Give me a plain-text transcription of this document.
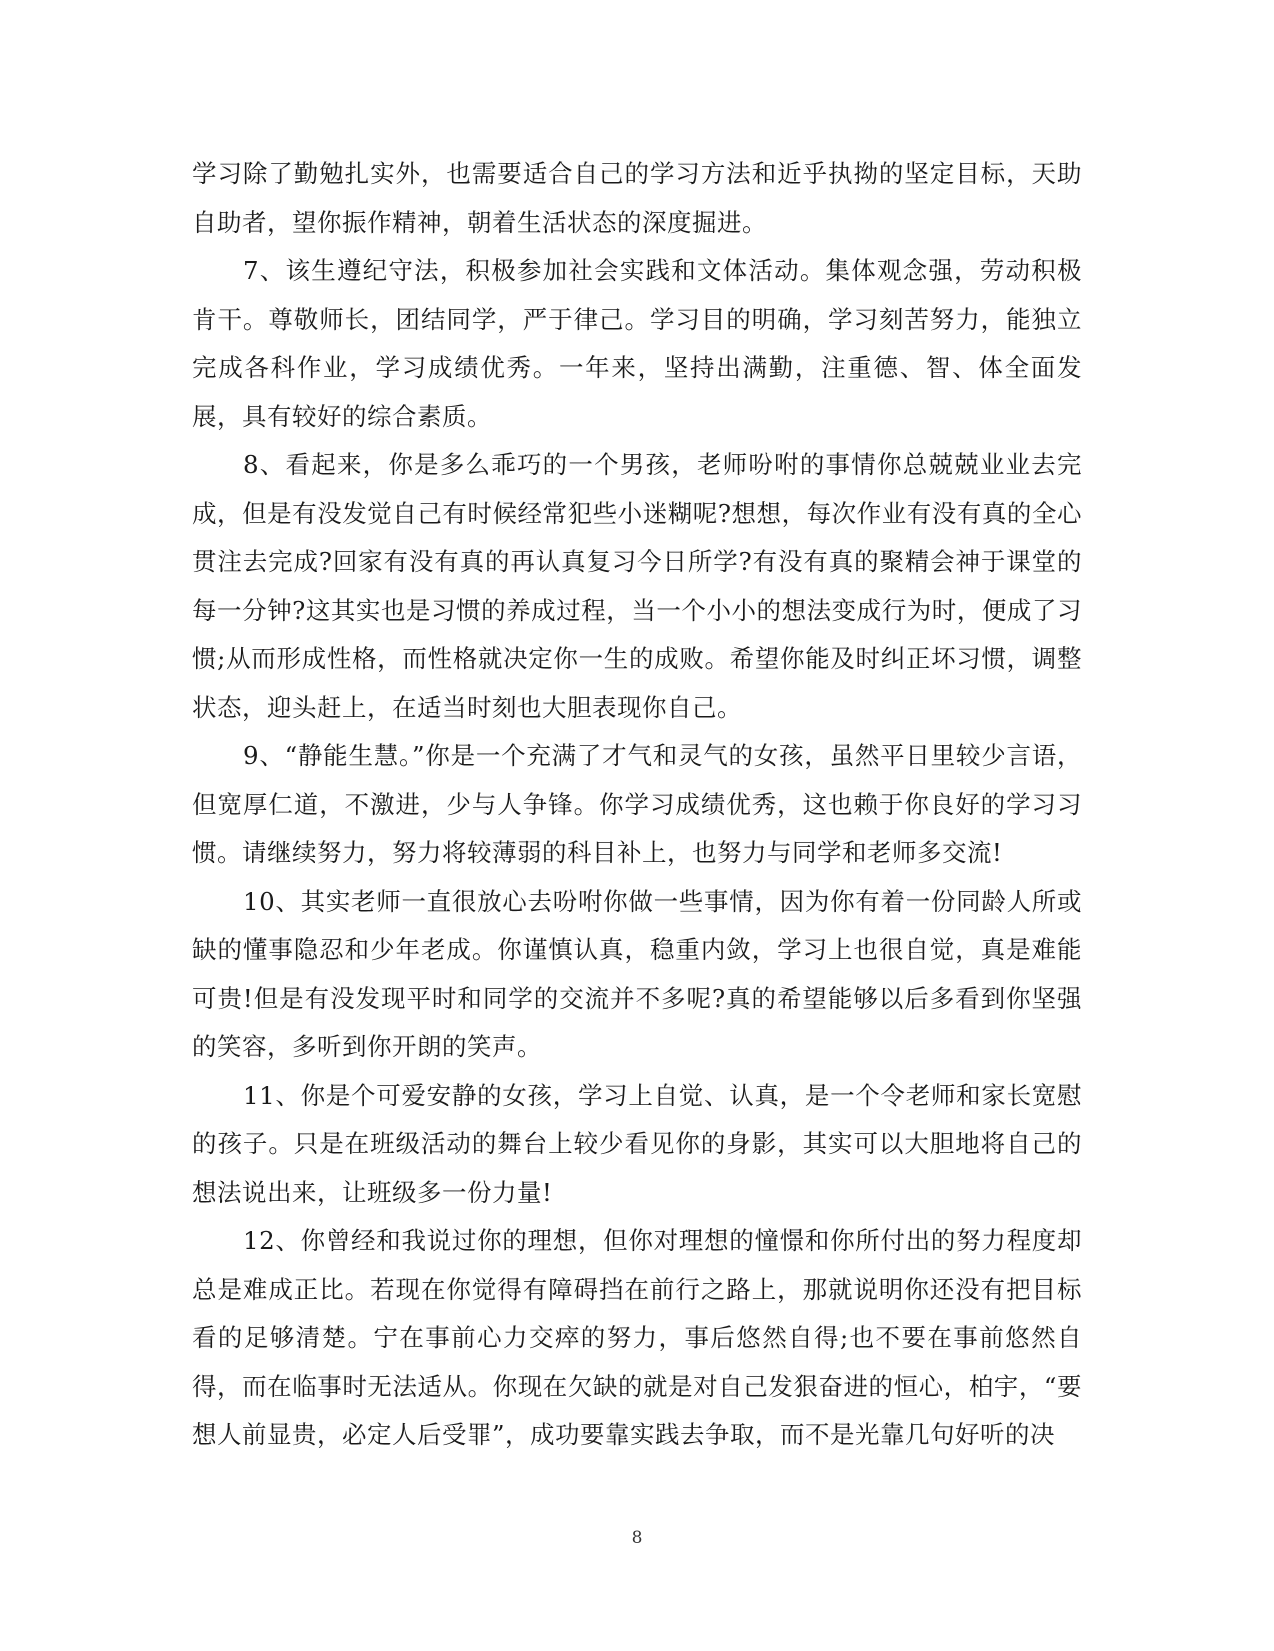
学习除了勤勉扎实外，也需要适合自己的学习方法和近乎执拗的坚定目标，天助自助者，望你振作精神，朝着生活状态的深度掘进。

7、该生遵纪守法，积极参加社会实践和文体活动。集体观念强，劳动积极肯干。尊敬师长，团结同学，严于律己。学习目的明确，学习刻苦努力，能独立完成各科作业，学习成绩优秀。一年来，坚持出满勤，注重德、智、体全面发展，具有较好的综合素质。

8、看起来，你是多么乖巧的一个男孩，老师吩咐的事情你总兢兢业业去完成，但是有没发觉自己有时候经常犯些小迷糊呢?想想，每次作业有没有真的全心贯注去完成?回家有没有真的再认真复习今日所学?有没有真的聚精会神于课堂的每一分钟?这其实也是习惯的养成过程，当一个小小的想法变成行为时，便成了习惯;从而形成性格，而性格就决定你一生的成败。希望你能及时纠正坏习惯，调整状态，迎头赶上，在适当时刻也大胆表现你自己。

9、“静能生慧。”你是一个充满了才气和灵气的女孩，虽然平日里较少言语，但宽厚仁道，不激进，少与人争锋。你学习成绩优秀，这也赖于你良好的学习习惯。请继续努力，努力将较薄弱的科目补上，也努力与同学和老师多交流!

10、其实老师一直很放心去吩咐你做一些事情，因为你有着一份同龄人所或缺的懂事隐忍和少年老成。你谨慎认真，稳重内敛，学习上也很自觉，真是难能可贵!但是有没发现平时和同学的交流并不多呢?真的希望能够以后多看到你坚强的笑容，多听到你开朗的笑声。

11、你是个可爱安静的女孩，学习上自觉、认真，是一个令老师和家长宽慰的孩子。只是在班级活动的舞台上较少看见你的身影，其实可以大胆地将自己的想法说出来，让班级多一份力量!

12、你曾经和我说过你的理想，但你对理想的憧憬和你所付出的努力程度却总是难成正比。若现在你觉得有障碍挡在前行之路上，那就说明你还没有把目标看的足够清楚。宁在事前心力交瘁的努力，事后悠然自得;也不要在事前悠然自得，而在临事时无法适从。你现在欠缺的就是对自己发狠奋进的恒心，柏宇，“要想人前显贵，必定人后受罪”，成功要靠实践去争取，而不是光靠几句好听的决

8
